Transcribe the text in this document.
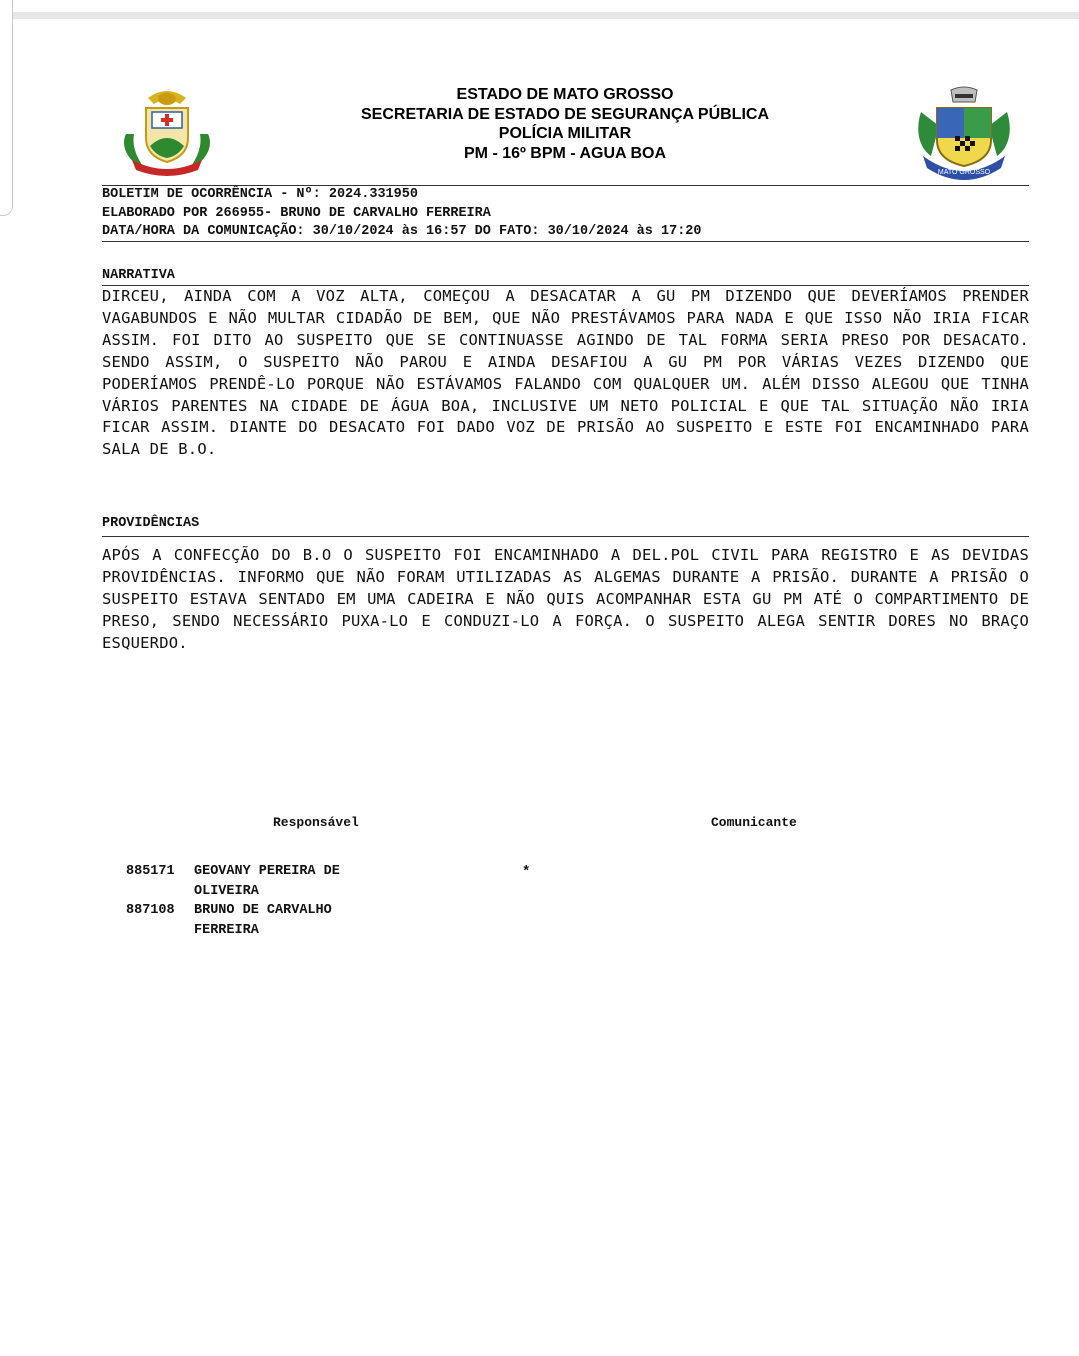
MATO GROSSO
ESTADO DE MATO GROSSO
SECRETARIA DE ESTADO DE SEGURANÇA PÚBLICA
POLÍCIA MILITAR
PM - 16º BPM - AGUA BOA
BOLETIM DE OCORRÊNCIA - Nº: 2024.331950
ELABORADO POR 266955- BRUNO DE CARVALHO FERREIRA
DATA/HORA DA COMUNICAÇÃO: 30/10/2024 às 16:57 DO FATO: 30/10/2024 às 17:20
NARRATIVA
DIRCEU, AINDA COM A VOZ ALTA, COMEÇOU A DESACATAR A GU PM DIZENDO QUE DEVERÍAMOS PRENDER VAGABUNDOS E NÃO MULTAR CIDADÃO DE BEM, QUE NÃO PRESTÁVAMOS PARA NADA E QUE ISSO NÃO IRIA FICAR ASSIM. FOI DITO AO SUSPEITO QUE SE CONTINUASSE AGINDO DE TAL FORMA SERIA PRESO POR DESACATO. SENDO ASSIM, O SUSPEITO NÃO PAROU E AINDA DESAFIOU A GU PM POR VÁRIAS VEZES DIZENDO QUE PODERÍAMOS PRENDÊ-LO PORQUE NÃO ESTÁVAMOS FALANDO COM QUALQUER UM. ALÉM DISSO ALEGOU QUE TINHA VÁRIOS PARENTES NA CIDADE DE ÁGUA BOA, INCLUSIVE UM NETO POLICIAL E QUE TAL SITUAÇÃO NÃO IRIA FICAR ASSIM. DIANTE DO DESACATO FOI DADO VOZ DE PRISÃO AO SUSPEITO E ESTE FOI ENCAMINHADO PARA SALA DE B.O.
PROVIDÊNCIAS
APÓS A CONFECÇÃO DO B.O O SUSPEITO FOI ENCAMINHADO A DEL.POL CIVIL PARA REGISTRO E AS DEVIDAS PROVIDÊNCIAS. INFORMO QUE NÃO FORAM UTILIZADAS AS ALGEMAS DURANTE A PRISÃO. DURANTE A PRISÃO O SUSPEITO ESTAVA SENTADO EM UMA CADEIRA E NÃO QUIS ACOMPANHAR ESTA GU PM ATÉ O COMPARTIMENTO DE PRESO, SENDO NECESSÁRIO PUXA-LO E CONDUZI-LO A FORÇA. O SUSPEITO ALEGA SENTIR DORES NO BRAÇO ESQUERDO.
Responsável	Comunicante
885171 GEOVANY PEREIRA DE
OLIVEIRA
*
887108 BRUNO DE CARVALHO
FERREIRA
